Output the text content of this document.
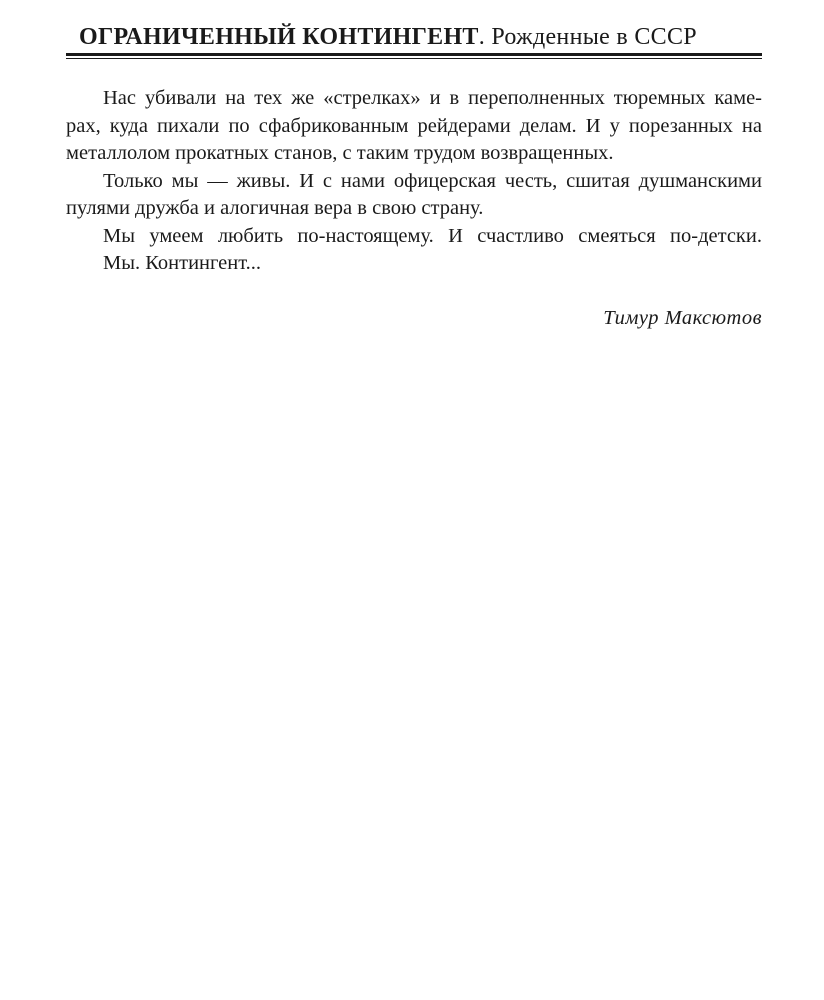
ОГРАНИЧЕННЫЙ КОНТИНГЕНТ. Рожденные в СССР
Нас убивали на тех же «стрелках» и в переполненных тюремных каме-
рах, куда пихали по сфабрикованным рейдерами делам. И у порезанных на
металлолом прокатных станов, с таким трудом возвращенных.
Только мы — живы. И с нами офицерская честь, сшитая душманскими
пулями дружба и алогичная вера в свою страну.
Мы умеем любить по-настоящему. И счастливо смеяться по-детски.
Мы. Контингент...
Тимур Максютов
